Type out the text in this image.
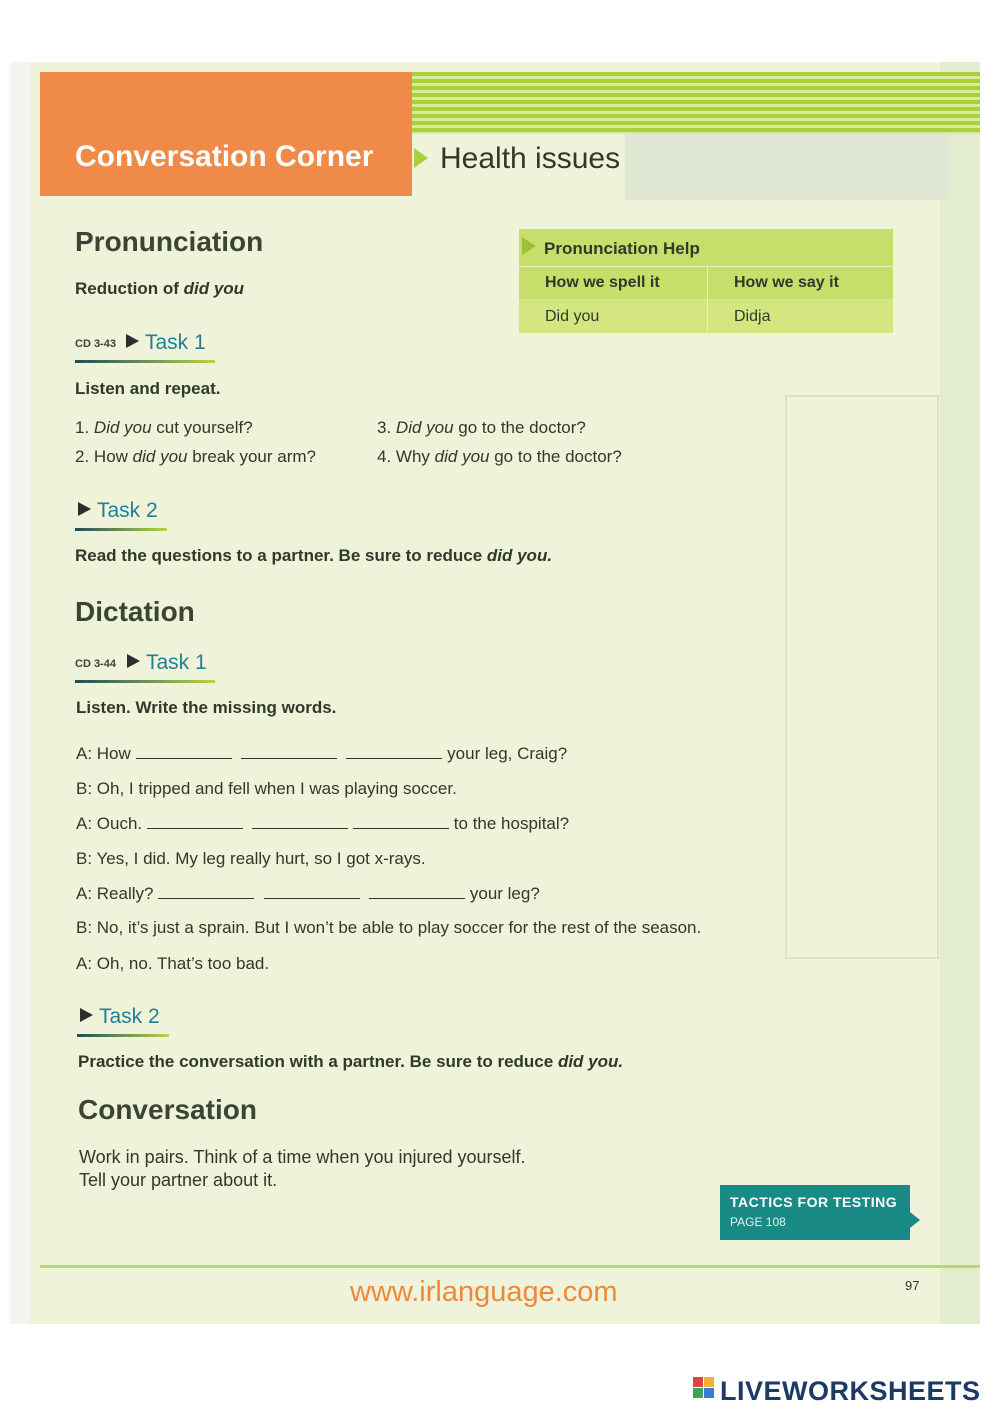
Conversation Corner Health issues
Pronunciation
Reduction of did you
CD 3-43	Task 1
Listen and repeat.
1. Did you cut yourself?
2. How did you break your arm?
3. Did you go to the doctor?
4. Why did you go to the doctor?
Task 2
Read the questions to a partner. Be sure to reduce did you.
Pronunciation Help
How we spell it	How we say it
Did you	Didja
Dictation
CD 3-44	Task 1
Listen. Write the missing words.
A: How	your leg, Craig?
B: Oh, I tripped and fell when I was playing soccer.
A: Ouch.	to the hospital?
B: Yes, I did. My leg really hurt, so I got x-rays.
A: Really?	your leg?
B: No, it’s just a sprain. But I won’t be able to play soccer for the rest of the season.
A: Oh, no. That’s too bad.
Task 2
Practice the conversation with a partner. Be sure to reduce did you.
Conversation
Work in pairs. Think of a time when you injured yourself.
Tell your partner about it.
TACTICS FOR TESTING
PAGE 108
97
www.irlanguage.com
LIVEWORKSHEETS
